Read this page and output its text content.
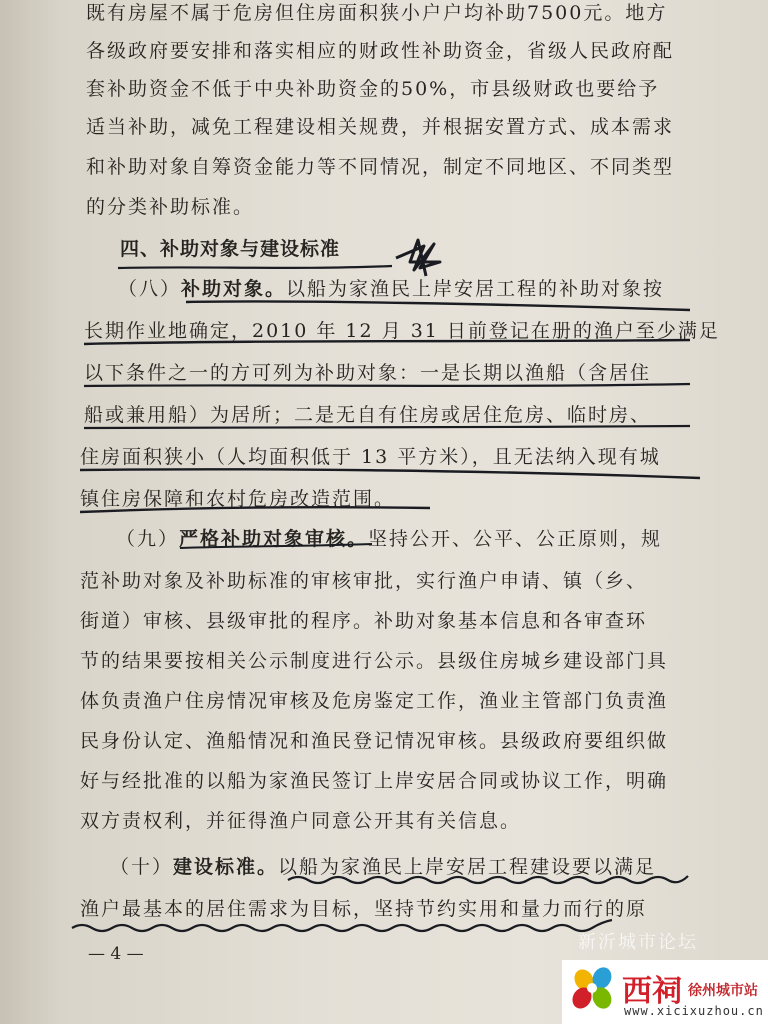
既有房屋不属于危房但住房面积狭小户户均补助7500元。地方
各级政府要安排和落实相应的财政性补助资金，省级人民政府配
套补助资金不低于中央补助资金的50%，市县级财政也要给予
适当补助，减免工程建设相关规费，并根据安置方式、成本需求
和补助对象自筹资金能力等不同情况，制定不同地区、不同类型
的分类补助标准。
四、补助对象与建设标准
（八）补助对象。以船为家渔民上岸安居工程的补助对象按
长期作业地确定，2010 年 12 月 31 日前登记在册的渔户至少满足
以下条件之一的方可列为补助对象：一是长期以渔船（含居住
船或兼用船）为居所；二是无自有住房或居住危房、临时房、
住房面积狭小（人均面积低于 13 平方米），且无法纳入现有城
镇住房保障和农村危房改造范围。
（九）严格补助对象审核。坚持公开、公平、公正原则，规
范补助对象及补助标准的审核审批，实行渔户申请、镇（乡、
街道）审核、县级审批的程序。补助对象基本信息和各审查环
节的结果要按相关公示制度进行公示。县级住房城乡建设部门具
体负责渔户住房情况审核及危房鉴定工作，渔业主管部门负责渔
民身份认定、渔船情况和渔民登记情况审核。县级政府要组织做
好与经批准的以船为家渔民签订上岸安居合同或协议工作，明确
双方责权利，并征得渔户同意公开其有关信息。
（十）建设标准。以船为家渔民上岸安居工程建设要以满足
渔户最基本的居住需求为目标，坚持节约实用和量力而行的原
— 4 —
新沂城市论坛
西祠 徐州城市站
www.xicixuzhou.cn
